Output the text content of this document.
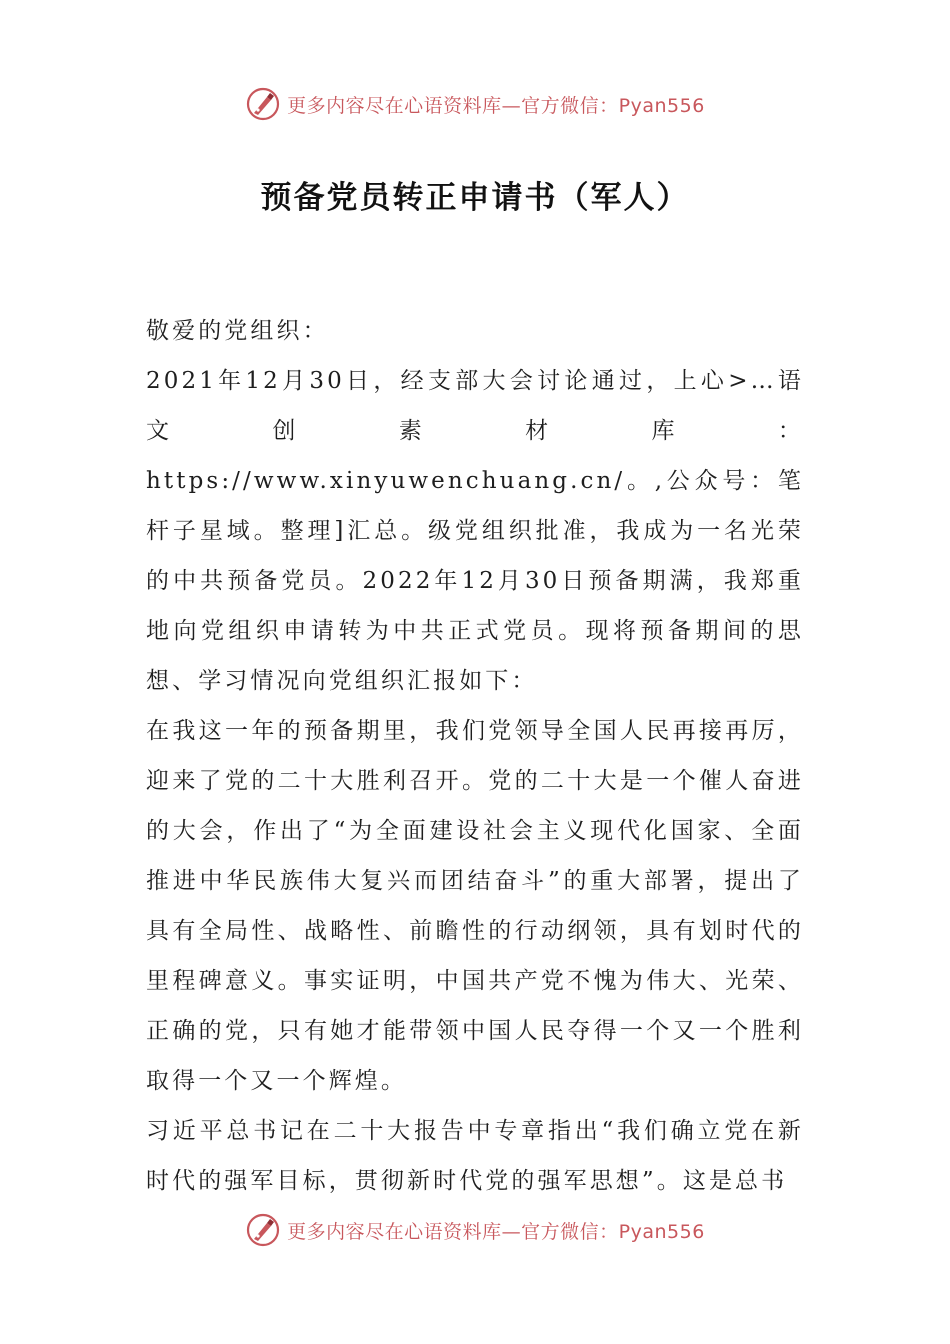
更多内容尽在心语资料库—官方微信：Pyan556
预备党员转正申请书（军人）

敬爱的党组织：

2021年12月30日，经支部大会讨论通过，上心>…语文创素材库：https://www.xinyuwenchuang.cn/。,公众号：笔杆子星域。整理]汇总。级党组织批准，我成为一名光荣的中共预备党员。2022年12月30日预备期满，我郑重地向党组织申请转为中共正式党员。现将预备期间的思想、学习情况向党组织汇报如下：

在我这一年的预备期里，我们党领导全国人民再接再厉，迎来了党的二十大胜利召开。党的二十大是一个催人奋进的大会，作出了“为全面建设社会主义现代化国家、全面推进中华民族伟大复兴而团结奋斗”的重大部署，提出了具有全局性、战略性、前瞻性的行动纲领，具有划时代的里程碑意义。事实证明，中国共产党不愧为伟大、光荣、正确的党，只有她才能带领中国人民夺得一个又一个胜利取得一个又一个辉煌。

习近平总书记在二十大报告中专章指出“我们确立党在新时代的强军目标，贯彻新时代党的强军思想”。这是总书

更多内容尽在心语资料库—官方微信：Pyan556
